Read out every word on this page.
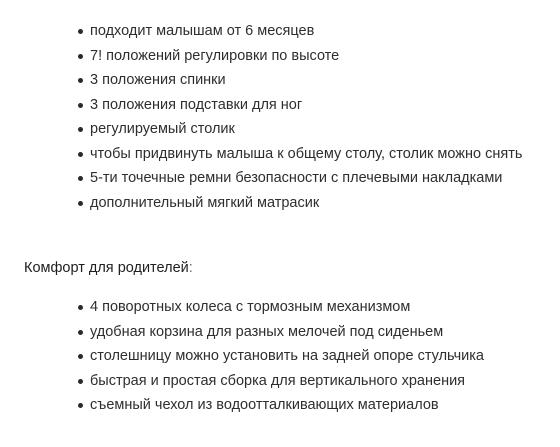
подходит малышам от 6 месяцев
7! положений регулировки по высоте
3 положения спинки
3 положения подставки для ног
регулируемый столик
чтобы придвинуть малыша к общему столу, столик можно снять
5-ти точечные ремни безопасности с плечевыми накладками
дополнительный мягкий матрасик
Комфорт для родителей:
4 поворотных колеса с тормозным механизмом
удобная корзина для разных мелочей под сиденьем
столешницу можно установить на задней опоре стульчика
быстрая и простая сборка для вертикального хранения
съемный чехол из водоотталкивающих материалов
